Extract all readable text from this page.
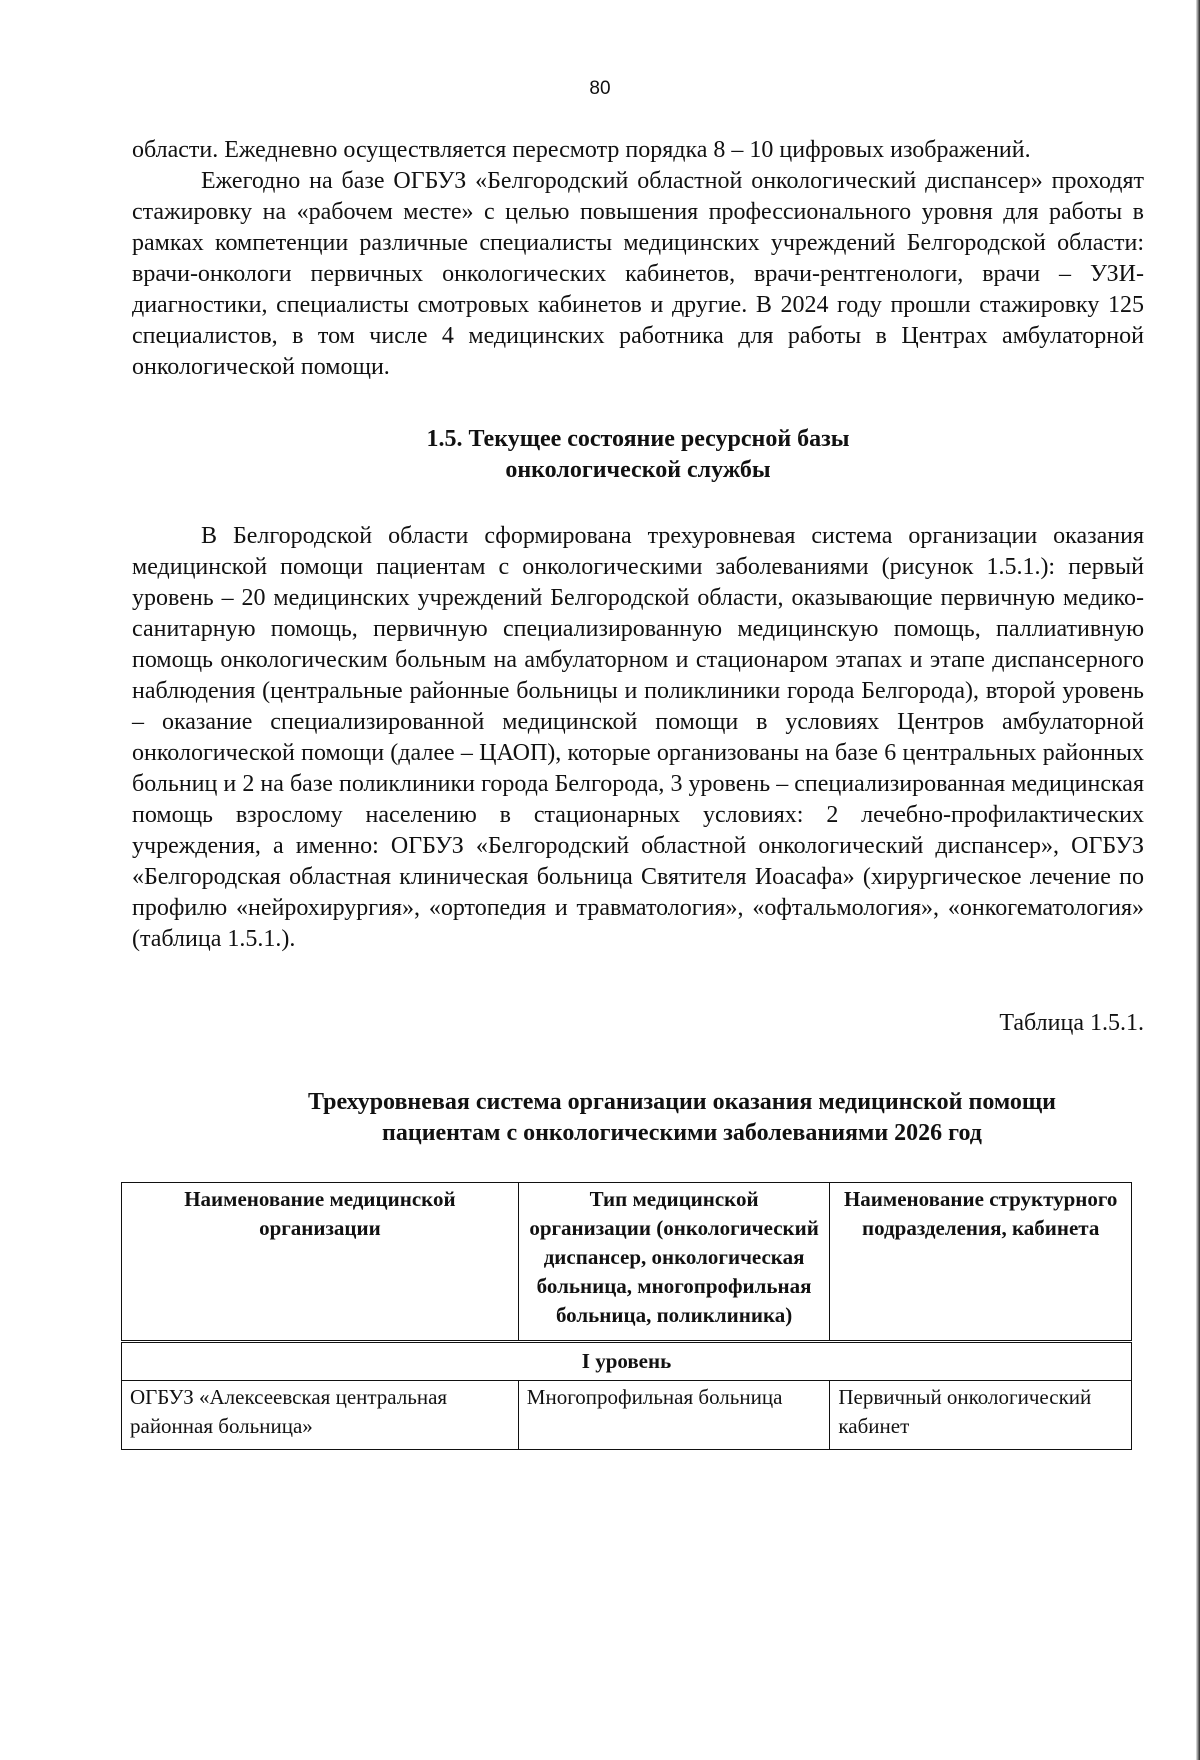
80

области. Ежедневно осуществляется пересмотр порядка 8 – 10 цифровых изображений.

Ежегодно на базе ОГБУЗ «Белгородский областной онкологический диспансер» проходят стажировку на «рабочем месте» с целью повышения профессионального уровня для работы в рамках компетенции различные специалисты медицинских учреждений Белгородской области: врачи-онкологи первичных онкологических кабинетов, врачи-рентгенологи, врачи – УЗИ-диагностики, специалисты смотровых кабинетов и другие. В 2024 году прошли стажировку 125 специалистов, в том числе 4 медицинских работника для работы в Центрах амбулаторной онкологической помощи.

1.5. Текущее состояние ресурсной базы
онкологической службы

В Белгородской области сформирована трехуровневая система организации оказания медицинской помощи пациентам с онкологическими заболеваниями (рисунок 1.5.1.): первый уровень – 20 медицинских учреждений Белгородской области, оказывающие первичную медико-санитарную помощь, первичную специализированную медицинскую помощь, паллиативную помощь онкологическим больным на амбулаторном и стационаром этапах и этапе диспансерного наблюдения (центральные районные больницы и поликлиники города Белгорода), второй уровень – оказание специализированной медицинской помощи в условиях Центров амбулаторной онкологической помощи (далее – ЦАОП), которые организованы на базе 6 центральных районных больниц и 2 на базе поликлиники города Белгорода, 3 уровень – специализированная медицинская помощь взрослому населению в стационарных условиях: 2 лечебно-профилактических учреждения, а именно: ОГБУЗ «Белгородский областной онкологический диспансер», ОГБУЗ «Белгородская областная клиническая больница Святителя Иоасафа» (хирургическое лечение по профилю «нейрохирургия», «ортопедия и травматология», «офтальмология», «онкогематология» (таблица 1.5.1.).

Таблица 1.5.1.
Трехуровневая система организации оказания медицинской помощи
пациентам с онкологическими заболеваниями 2026 год
Наименование медицинской организации	Тип медицинской организации (онкологический диспансер, онкологическая больница, многопрофильная больница, поликлиника)	Наименование структурного подразделения, кабинета
I уровень		
ОГБУЗ «Алексеевская центральная районная больница»	Многопрофильная больница	Первичный онкологический кабинет
